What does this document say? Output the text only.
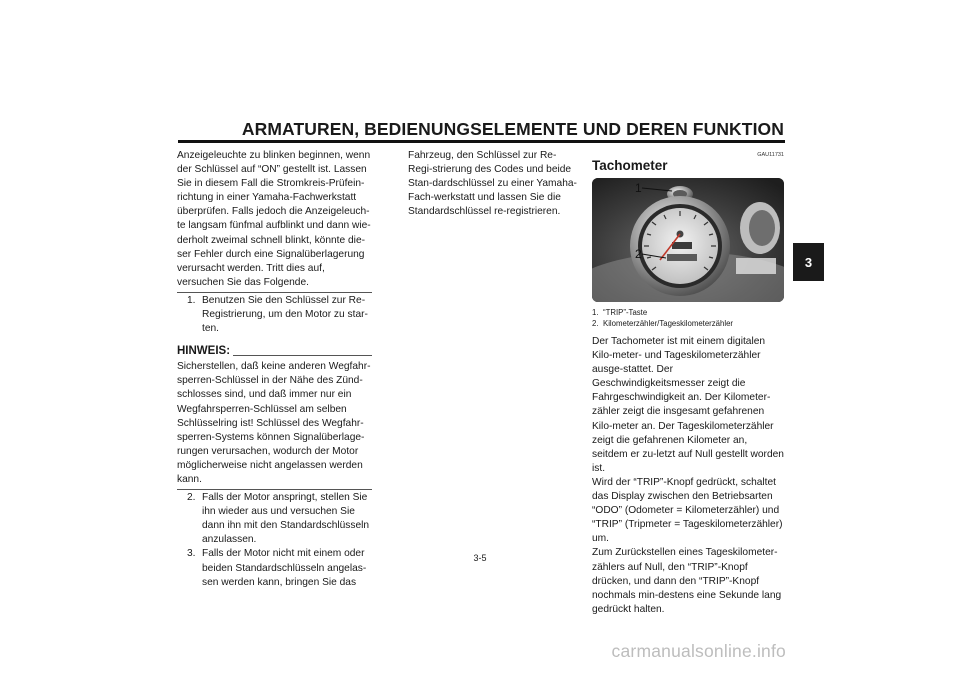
ARMATUREN, BEDIENUNGSELEMENTE UND DEREN FUNKTION
3

Anzeigeleuchte zu blinken beginnen, wenn der Schlüssel auf “ON” gestellt ist. Lassen Sie in diesem Fall die Stromkreis-Prüfein-richtung in einer Yamaha-Fachwerkstatt überprüfen. Falls jedoch die Anzeigeleuch-te langsam fünfmal aufblinkt und dann wie-derholt zweimal schnell blinkt, könnte die-ser Fehler durch eine Signalüberlagerung verursacht werden. Tritt dies auf, versuchen Sie das Folgende.

1. Benutzen Sie den Schlüssel zur Re-Registrierung, um den Motor zu star-ten.
HINWEIS:

Sicherstellen, daß keine anderen Wegfahr-sperren-Schlüssel in der Nähe des Zünd-schlosses sind, und daß immer nur ein Wegfahrsperren-Schlüssel am selben Schlüsselring ist! Schlüssel des Wegfahr-sperren-Systems können Signalüberlage-rungen verursachen, wodurch der Motor möglicherweise nicht angelassen werden kann.

2. Falls der Motor anspringt, stellen Sie ihn wieder aus und versuchen Sie dann ihn mit den Standardschlüsseln anzulassen.
3. Falls der Motor nicht mit einem oder beiden Standardschlüsseln angelas-sen werden kann, bringen Sie das

Fahrzeug, den Schlüssel zur Re-Regi-strierung des Codes und beide Stan-dardschlüssel zu einer Yamaha-Fach-werkstatt und lassen Sie die Standardschlüssel re-registrieren.

GAU11731
Tachometer
1
2
1. “TRIP”-Taste
2. Kilometerzähler/Tageskilometerzähler

Der Tachometer ist mit einem digitalen Kilo-meter- und Tageskilometerzähler ausge-stattet. Der Geschwindigkeitsmesser zeigt die Fahrgeschwindigkeit an. Der Kilometer-zähler zeigt die insgesamt gefahrenen Kilo-meter an. Der Tageskilometerzähler zeigt die gefahrenen Kilometer an, seitdem er zu-letzt auf Null gestellt worden ist.

Wird der “TRIP”-Knopf gedrückt, schaltet das Display zwischen den Betriebsarten “ODO” (Odometer = Kilometerzähler) und “TRIP” (Tripmeter = Tageskilometerzähler) um.

Zum Zurückstellen eines Tageskilometer-zählers auf Null, den “TRIP”-Knopf drücken, und dann den “TRIP”-Knopf nochmals min-destens eine Sekunde lang gedrückt halten.

3-5
carmanualsonline.info
